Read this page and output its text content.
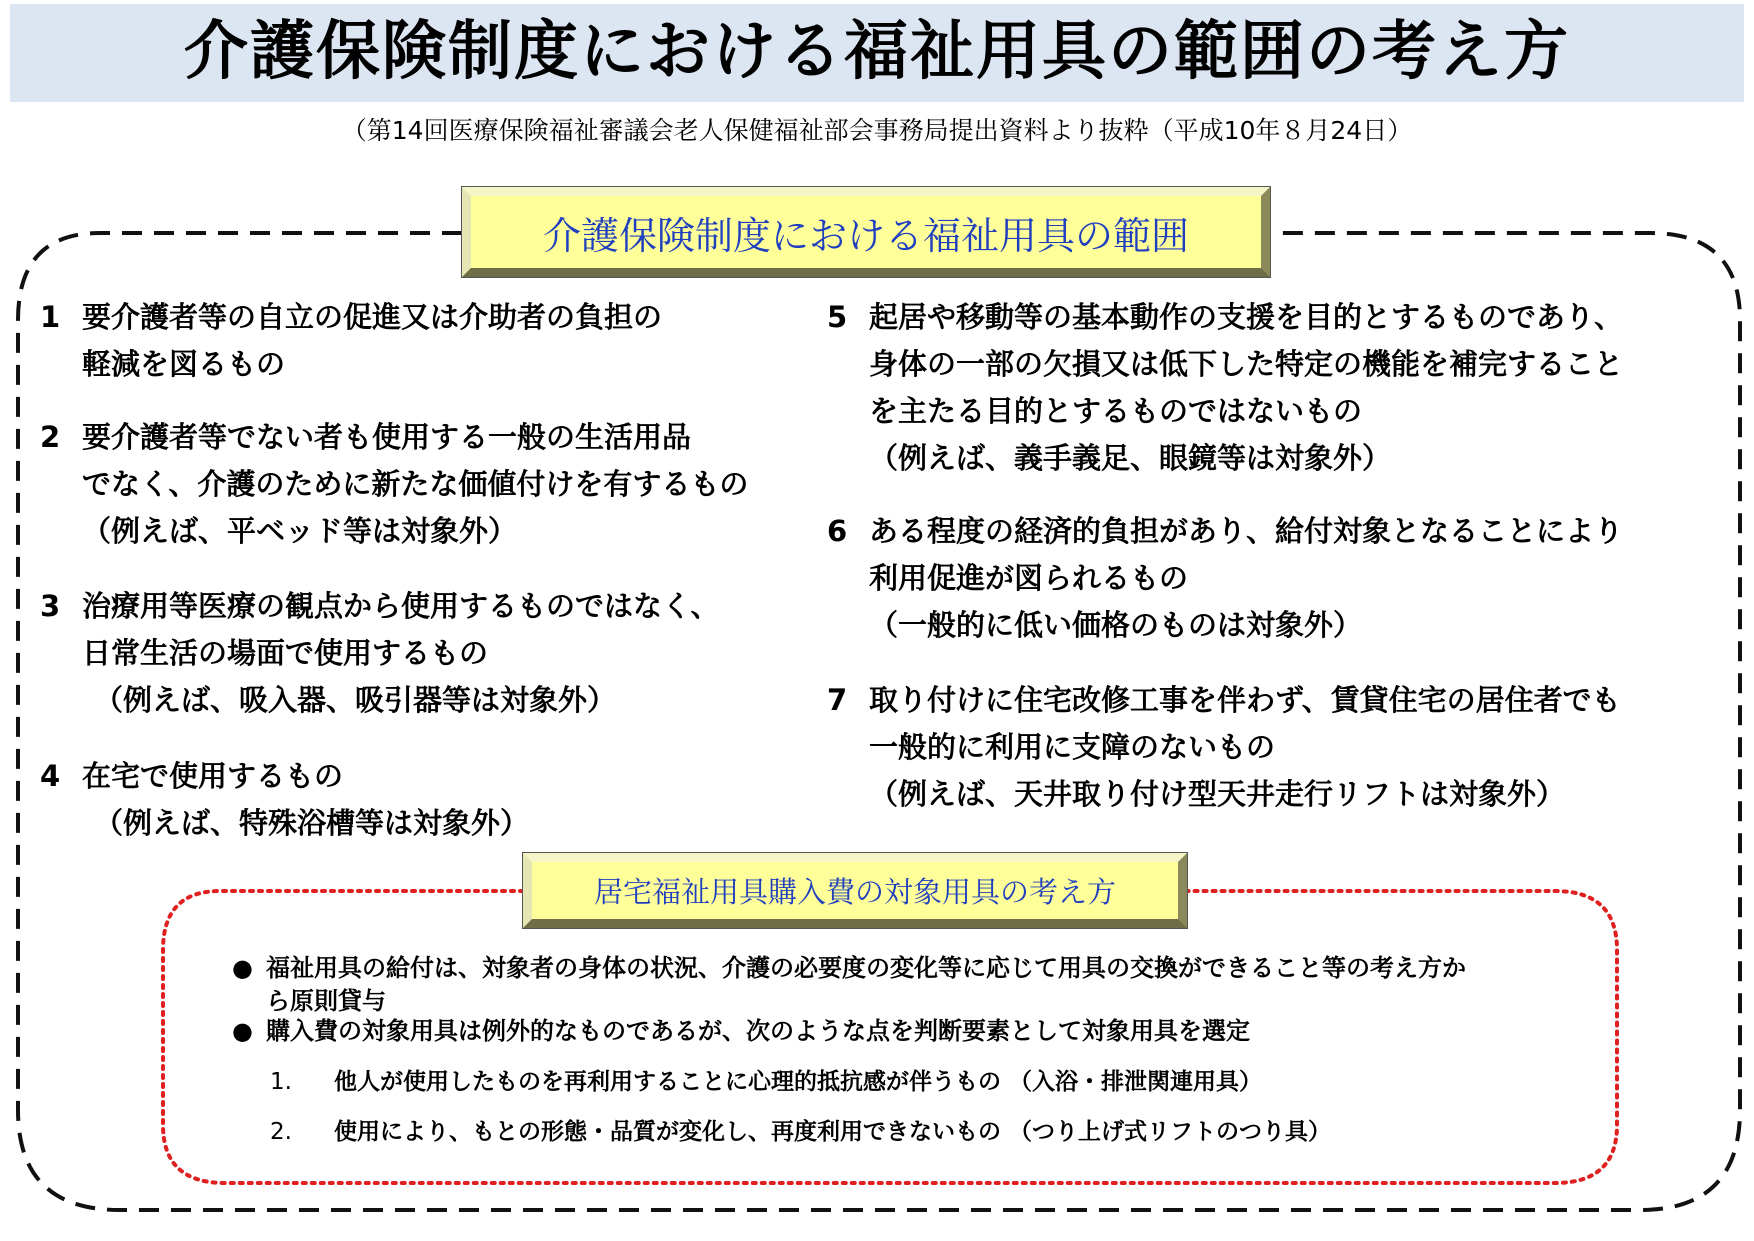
介護保険制度における福祉用具の範囲の考え方
（第14回医療保険福祉審議会老人保健福祉部会事務局提出資料より抜粋（平成10年８月24日）
介護保険制度における福祉用具の範囲
1 要介護者等の自立の促進又は介助者の負担の
軽減を図るもの
2 要介護者等でない者も使用する一般の生活用品
でなく、介護のために新たな価値付けを有するもの
（例えば、平ベッド等は対象外）
3 治療用等医療の観点から使用するものではなく、
日常生活の場面で使用するもの
（例えば、吸入器、吸引器等は対象外）
4 在宅で使用するもの
（例えば、特殊浴槽等は対象外）
5 起居や移動等の基本動作の支援を目的とするものであり、
身体の一部の欠損又は低下した特定の機能を補完すること
を主たる目的とするものではないもの
（例えば、義手義足、眼鏡等は対象外）
6 ある程度の経済的負担があり、給付対象となることにより
利用促進が図られるもの
（一般的に低い価格のものは対象外）
7 取り付けに住宅改修工事を伴わず、賃貸住宅の居住者でも
一般的に利用に支障のないもの
（例えば、天井取り付け型天井走行リフトは対象外）
居宅福祉用具購入費の対象用具の考え方
● 福祉用具の給付は、対象者の身体の状況、介護の必要度の変化等に応じて用具の交換ができること等の考え方か
ら原則貸与
● 購入費の対象用具は例外的なものであるが、次のような点を判断要素として対象用具を選定
1. 他人が使用したものを再利用することに心理的抵抗感が伴うもの （入浴・排泄関連用具）
2. 使用により、もとの形態・品質が変化し、再度利用できないもの （つり上げ式リフトのつり具）
